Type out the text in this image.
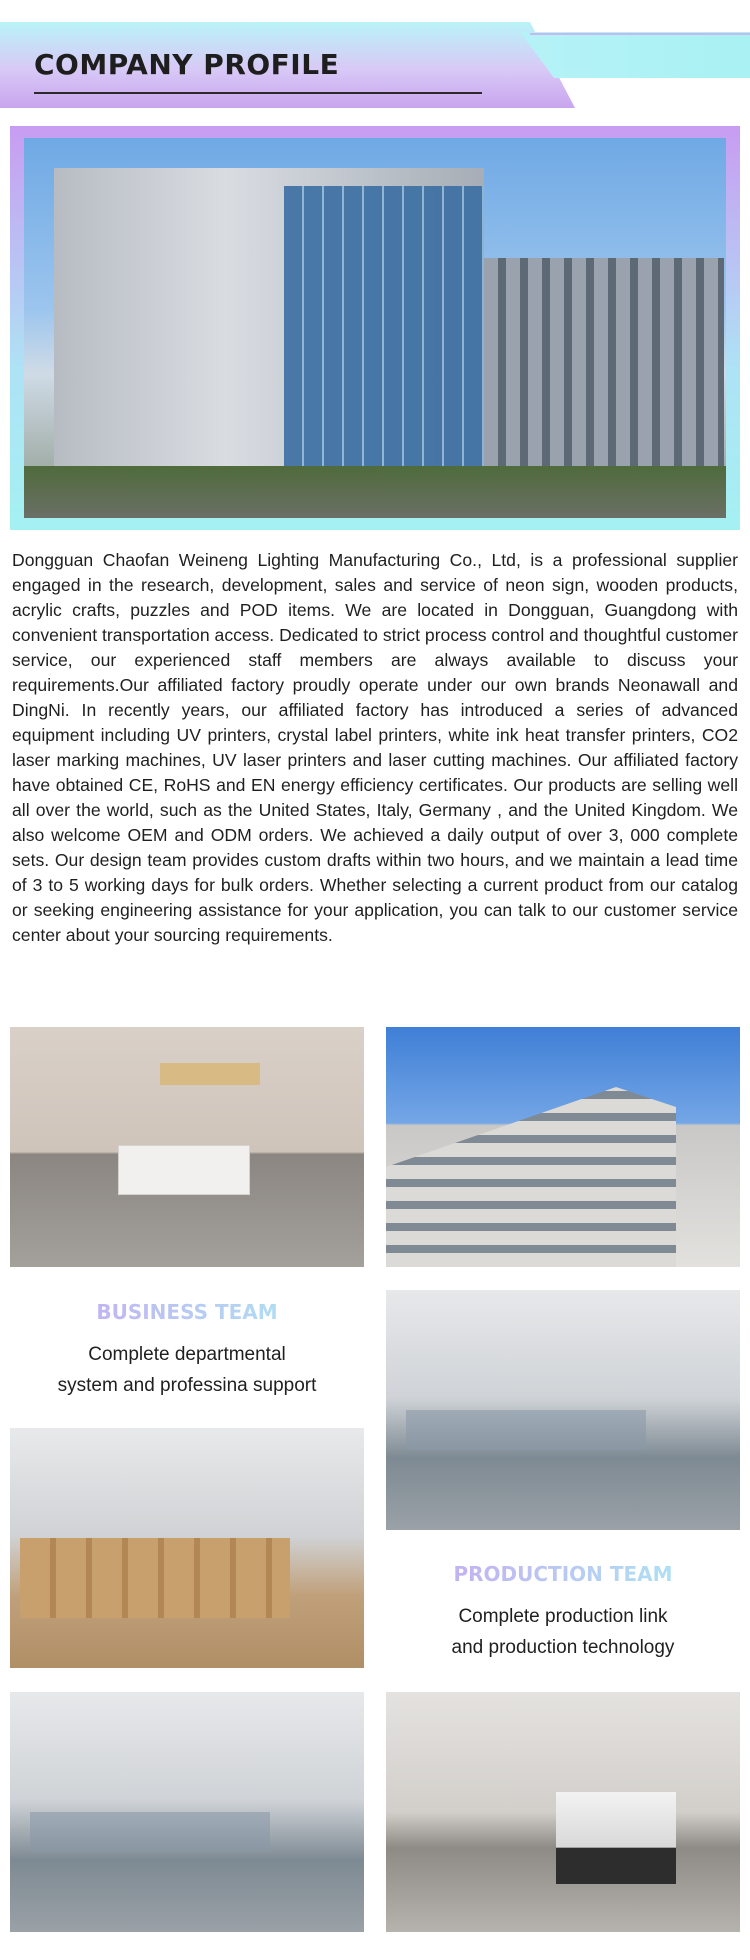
COMPANY PROFILE

Dongguan Chaofan Weineng Lighting Manufacturing Co., Ltd, is a professional supplier engaged in the research, development, sales and service of neon sign, wooden products, acrylic crafts, puzzles and POD items. We are located in Dongguan, Guangdong with convenient transportation access. Dedicated to strict process control and thoughtful customer service, our experienced staff members are always available to discuss your requirements.Our affiliated factory proudly operate under our own brands Neonawall and DingNi. In recently years, our affiliated factory has introduced a series of advanced equipment including UV printers, crystal label printers, white ink heat transfer printers, CO2 laser marking machines, UV laser printers and laser cutting machines. Our affiliated factory have obtained CE, RoHS and EN energy efficiency certificates. Our products are selling well all over the world, such as the United States, Italy, Germany , and the United Kingdom. We also welcome OEM and ODM orders. We achieved a daily output of over 3, 000 complete sets. Our design team provides custom drafts within two hours, and we maintain a lead time of 3 to 5 working days for bulk orders. Whether selecting a current product from our catalog or seeking engineering assistance for your application, you can talk to our customer service center about your sourcing requirements.

BUSINESS TEAM

Complete departmental
system and professina support

PRODUCTION TEAM

Complete production link
and production technology
